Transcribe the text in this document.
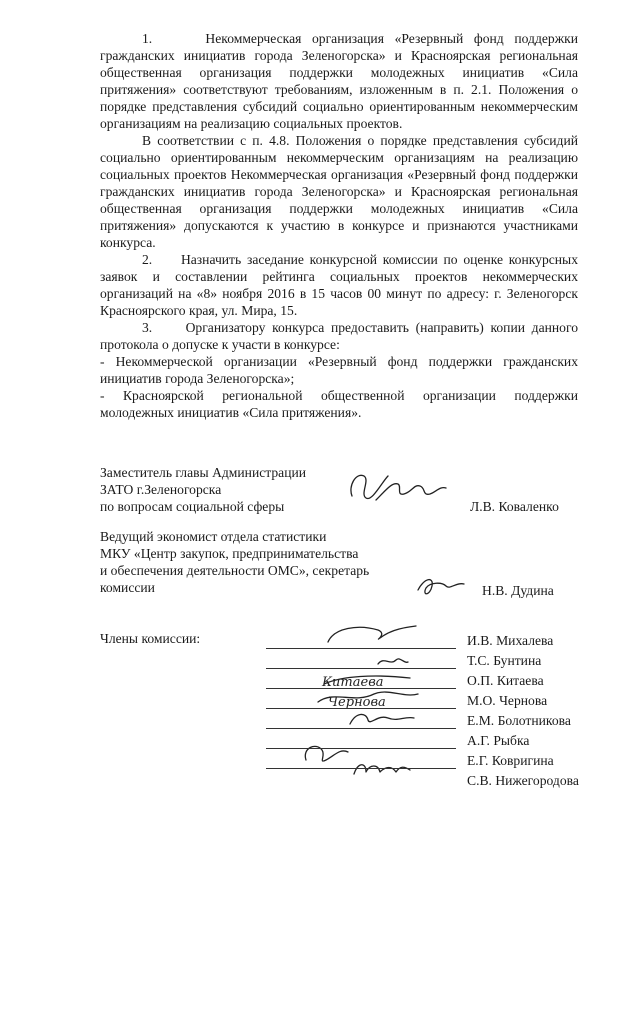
1.     Некоммерческая организация «Резервный фонд поддержки гражданских инициатив города Зеленогорска» и Красноярская региональная общественная организация поддержки молодежных инициатив «Сила притяжения» соответствуют требованиям, изложенным в п. 2.1. Положения о порядке представления субсидий социально ориентированным некоммерческим организациям на реализацию социальных проектов.

В соответствии с п. 4.8. Положения о порядке представления субсидий социально ориентированным некоммерческим организациям на реализацию социальных проектов Некоммерческая организация «Резервный фонд поддержки гражданских инициатив города Зеленогорска» и Красноярская региональная общественная организация поддержки молодежных инициатив «Сила притяжения» допускаются к участию в конкурсе и признаются участниками конкурса.

2.     Назначить заседание конкурсной комиссии по оценке конкурсных заявок и составлении рейтинга социальных проектов некоммерческих организаций на «8» ноября 2016 в 15 часов 00 минут по адресу: г. Зеленогорск Красноярского края, ул. Мира, 15.

3.     Организатору конкурса предоставить (направить) копии данного протокола о допуске к участи в конкурсе:

- Некоммерческой организации «Резервный фонд поддержки гражданских инициатив города Зеленогорска»;

- Красноярской региональной общественной организации поддержки молодежных инициатив «Сила притяжения».

Заместитель главы Администрации
ЗАТО г.Зеленогорска
по вопросам социальной сферы	Л.В. Коваленко
Ведущий экономист отдела статистики
МКУ «Центр закупок, предпринимательства
и обеспечения деятельности ОМС», секретарь
комиссии	Н.В. Дудина
Члены комиссии:
Китаева
Чернова
И.В. Михалева
Т.С. Бунтина
О.П. Китаева
М.О. Чернова
Е.М. Болотникова
А.Г. Рыбка
Е.Г. Ковригина
С.В. Нижегородова
